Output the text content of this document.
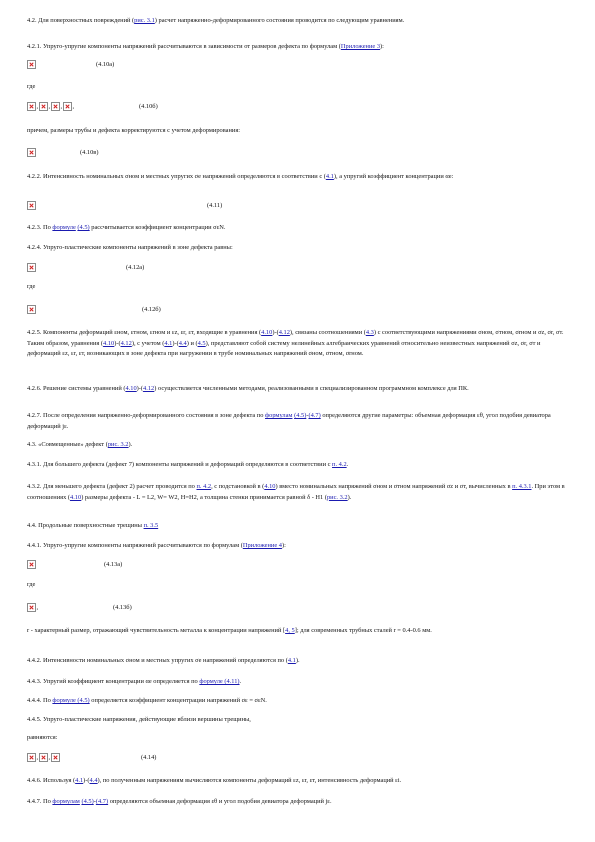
4.2. Для поверхностных повреждений (рис. 3.1) расчет напряженно-деформированного состояния проводится по следующим уравнениям.
4.2.1. Упруго-упругие компоненты напряжений рассчитываются в зависимости от размеров дефекта по формулам (Приложение 3):
где
причем, размеры трубы и дефекта корректируются с учетом деформирования:
4.2.2. Интенсивность номинальных σном и местных упругих σе напряжений определяются в соответствии с (4.1), а упругий коэффициент концентрации αе:
4.2.3. По формуле (4.5) рассчитывается коэффициент концентрации σεN.
4.2.4. Упруго-пластические компоненты напряжений в зоне дефекта равны:
где
4.2.5. Компоненты деформаций εном, εтном, εrном и εz, εr, εт, входящие в уравнения (4.10)-(4.12), связаны соотношениями (4.3) с соответствующими напряжениями σном, σтном, σrном и σz, σr, σт. Таким образом, уравнения (4.10)-(4.12), с учетом (4.1)-(4.4) и (4.5), представляют собой систему нелинейных алгебраических уравнений относительно неизвестных напряжений σz, σr, σт и деформаций εz, εr, εт, возникающих в зоне дефекта при нагружении в трубе номинальных напряжений σном, σтном, σrном.
4.2.6. Решение системы уравнений (4.10)-(4.12) осуществляется численными методами, реализованными в специализированном программном комплексе для ПК.
4.2.7. После определения напряженно-деформированного состояния в зоне дефекта по формулам (4.5)-(4.7) определяются другие параметры: объемная деформация εθ, угол подобия девиатора деформаций jε.
4.3. «Совмещенные» дефект (рис. 3.2).
4.3.1. Для большего дефекта (дефект 7) компоненты напряжений и деформаций определяются в соответствии с п. 4.2.
4.3.2. Для меньшего дефекта (дефект 2) расчет проводится по п. 4.2, с подстановкой в (4.10) вместо номинальных напряжений σном и σтном напряжений σz и σт, вычисленных в п. 4.3.1. При этом в соотношениях (4.10) размеры дефекта - L = L2, W= W2, H=H2, а толщина стенки принимается равной δ - H1 (рис. 3.2).
4.4. Продольные поверхностные трещины п. 3.5
4.4.1. Упруго-упругие компоненты напряжений рассчитываются по формулам (Приложение 4):
где
r - характерный размер, отражающий чувствительность металла к концентрации напряжений [4, 5]; для современных трубных сталей r = 0.4-0.6 мм.
4.4.2. Интенсивности номинальных σном и местных упругих σе напряжений определяются по (4.1).
4.4.3. Упругий коэффициент концентрации αе определяется по формуле (4.11).
4.4.4. По формуле (4.5) определяется коэффициент концентрации напряжений σε = σεN.
4.4.5. Упруго-пластические напряжения, действующие вблизи вершины трещины,
равняются:
4.4.6. Используя (4.1)-(4.4), по полученным напряжениям вычисляются компоненты деформаций εz, εr, εт, интенсивность деформаций εi.
4.4.7. По формулам (4.5)-(4.7) определяются объемная деформация εθ и угол подобия девиатора деформаций jε.
(4.10а)
, , , ,	(4.10б)
(4.10в)
(4.11)
(4.12а)
(4.12б)
(4.13а)
,	(4.13б)
, ,	(4.14)
